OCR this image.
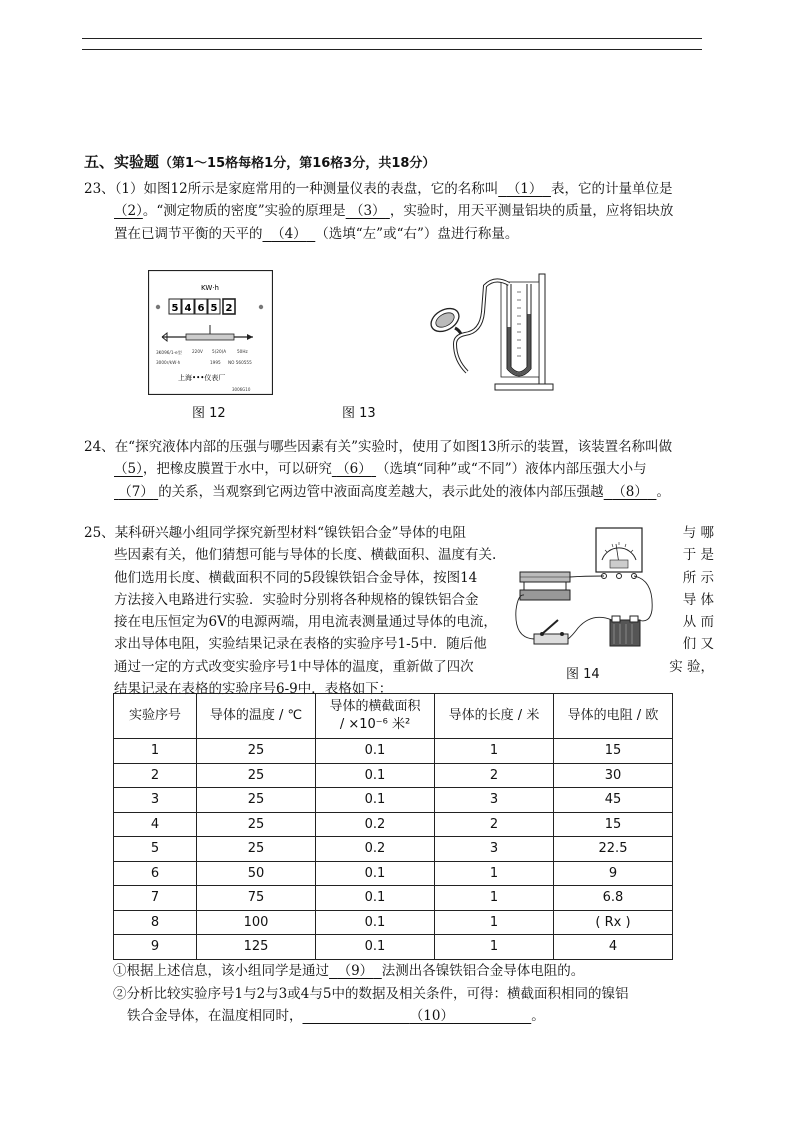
五、实验题（第1～15格每格1分，第16格3分，共18分）

23、（1）如图12所示是家庭常用的一种测量仪表的表盘，它的名称叫 （1） 表，它的计量单位是

（2）。“测定物质的密度”实验的原理是 （3） ，实验时，用天平测量铝块的质量，应将铝块放

置在已调节平衡的天平的 （4） （选填“左”或“右”）盘进行称量。

KW·h
5 4 6 5 2
3K096/1-e型 220V 5(20)A	50Hz
3000r/kW·h	1995 NO 560555
上海•••仪表厂
3006G10
图 12	图 13

24、在“探究液体内部的压强与哪些因素有关”实验时，使用了如图13所示的装置，该装置名称叫做

（5），把橡皮膜置于水中，可以研究 （6） （选填“同种”或“不同”）液体内部压强大小与

（7） 的关系，当观察到它两边管中液面高度差越大，表示此处的液体内部压强越 （8） 。

25、某科研兴趣小组同学探究新型材料“镍铁铝合金”导体的电阻
些因素有关，他们猜想可能与导体的长度、横截面积、温度有关.
他们选用长度、横截面积不同的5段镍铁铝合金导体，按图14
方法接入电路进行实验．实验时分别将各种规格的镍铁铝合金
接在电压恒定为6V的电源两端，用电流表测量通过导体的电流，
求出导体电阻，实验结果记录在表格的实验序号1-5中．随后他
通过一定的方式改变实验序号1中导体的温度，重新做了四次
结果记录在表格的实验序号6-9中．表格如下：
与 哪
于 是
所 示
导 体
从 而
们 又
实 验，
图 14
实验序号	导体的温度 / ℃	导体的横截面积
/ ×10⁻⁶ 米²	导体的长度 / 米	导体的电阻 / 欧
1	25	0.1	1	15
2	25	0.1	2	30
3	25	0.1	3	45
4	25	0.2	2	15
5	25	0.2	3	22.5
6	50	0.1	1	9
7	75	0.1	1	6.8
8	100	0.1	1	( Rx )
9	125	0.1	1	4
①根据上述信息，该小组同学是通过 （9） 法测出各镍铁铝合金导体电阻的。
②分析比较实验序号1与2与3或4与5中的数据及相关条件，可得：横截面积相同的镍铝
铁合金导体，在温度相同时，	（10）	。
